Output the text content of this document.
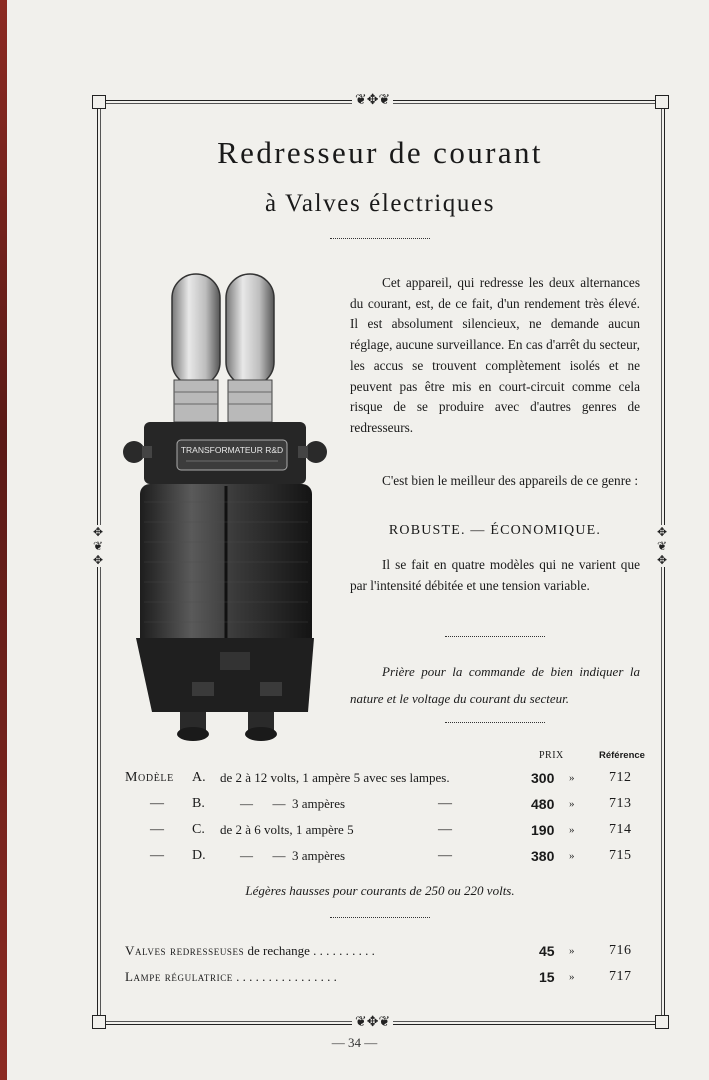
❦✥❦
❦✥❦
✥
❦
✥
✥
❦
✥
Redresseur de courant
à Valves électriques
TRANSFORMATEUR R&D

Cet appareil, qui redresse les deux alternances du courant, est, de ce fait, d'un rendement très élevé. Il est absolument silencieux, ne demande aucun réglage, aucune surveillance. En cas d'arrêt du secteur, les accus se trouvent complètement isolés et ne peuvent pas être mis en court-circuit comme cela risque de se produire avec d'autres genres de redresseurs.

C'est bien le meilleur des appareils de ce genre :

ROBUSTE. — ÉCONOMIQUE.

Il se fait en quatre modèles qui ne varient que par l'intensité débitée et une tension variable.

Prière pour la commande de bien indiquer la nature et le voltage du courant du secteur.

PRIX	Référence
Modèle A. de 2 à 12 volts, 1 ampère 5 avec ses lampes.	300 » 712
— B.	—      —  3 ampères	—	480 » 713
— C. de 2 à 6 volts, 1 ampère 5	—	190 » 714
— D.	—      —  3 ampères	—	380 » 715
Légères hausses pour courants de 250 ou 220 volts.
Valves redresseuses de rechange . . . . . . . . . .	45 » 716
Lampe régulatrice . . . . . . . . . . . . . . . .	15 » 717
— 34 —
